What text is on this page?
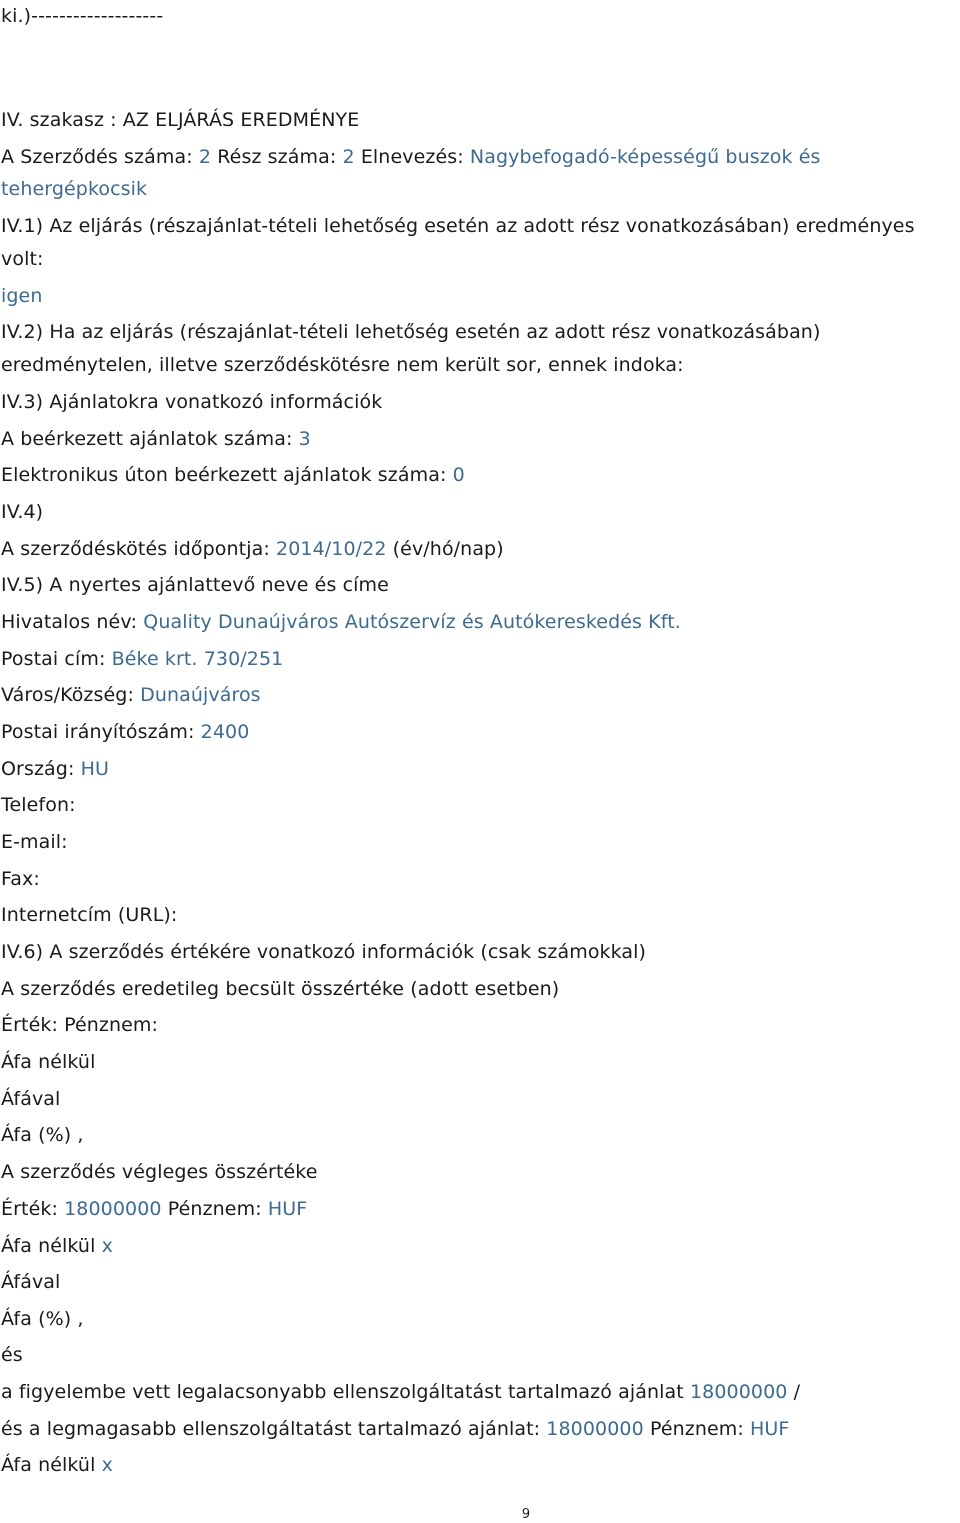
ki.)-------------------
IV. szakasz : AZ ELJÁRÁS EREDMÉNYE
A Szerződés száma: 2 Rész száma: 2 Elnevezés: Nagybefogadó-képességű buszok és
tehergépkocsik
IV.1) Az eljárás (részajánlat-tételi lehetőség esetén az adott rész vonatkozásában) eredményes
volt:
igen
IV.2) Ha az eljárás (részajánlat-tételi lehetőség esetén az adott rész vonatkozásában)
eredménytelen, illetve szerződéskötésre nem került sor, ennek indoka:
IV.3) Ajánlatokra vonatkozó információk
A beérkezett ajánlatok száma: 3
Elektronikus úton beérkezett ajánlatok száma: 0
IV.4)
A szerződéskötés időpontja: 2014/10/22 (év/hó/nap)
IV.5) A nyertes ajánlattevő neve és címe
Hivatalos név: Quality Dunaújváros Autószervíz és Autókereskedés Kft.
Postai cím: Béke krt. 730/251
Város/Község: Dunaújváros
Postai irányítószám: 2400
Ország: HU
Telefon:
E-mail:
Fax:
Internetcím (URL):
IV.6) A szerződés értékére vonatkozó információk (csak számokkal)
A szerződés eredetileg becsült összértéke (adott esetben)
Érték: Pénznem:
Áfa nélkül
Áfával
Áfa (%) ,
A szerződés végleges összértéke
Érték: 18000000 Pénznem: HUF
Áfa nélkül x
Áfával
Áfa (%) ,
és
a figyelembe vett legalacsonyabb ellenszolgáltatást tartalmazó ajánlat 18000000 /
és a legmagasabb ellenszolgáltatást tartalmazó ajánlat: 18000000 Pénznem: HUF
Áfa nélkül x
9
